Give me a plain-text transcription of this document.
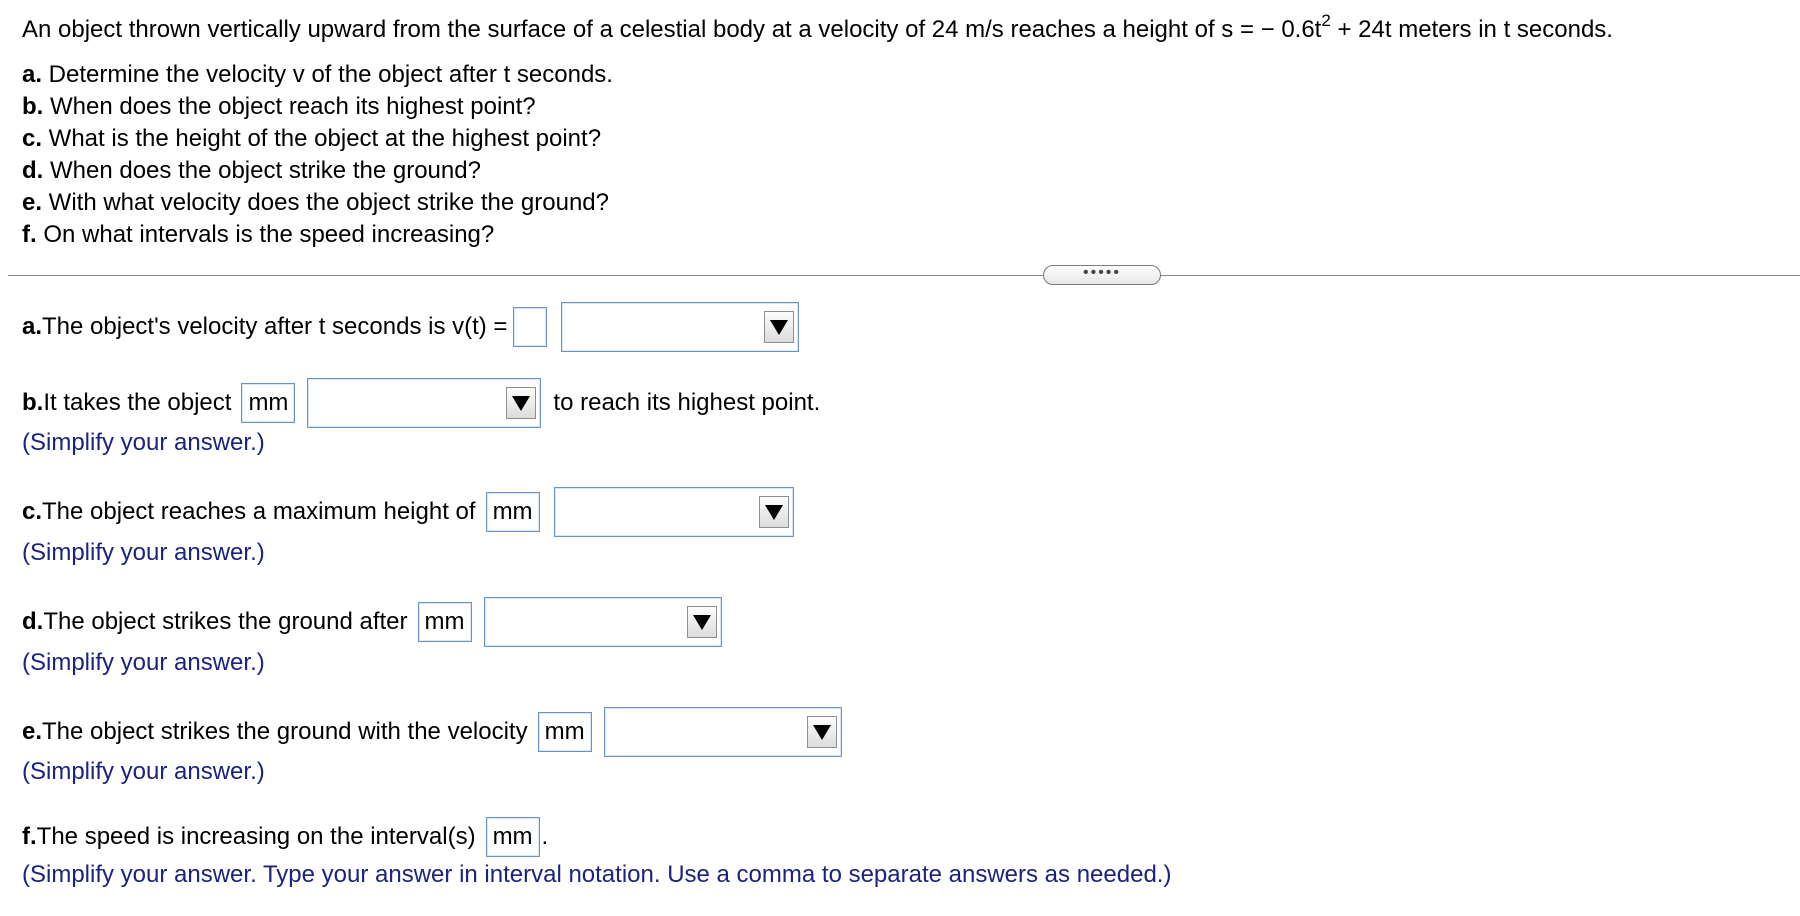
An object thrown vertically upward from the surface of a celestial body at a velocity of 24 m/s reaches a height of s = − $0.6t^2 + 24t$ meters in t seconds.
a. Determine the velocity v of the object after t seconds.
b. When does the object reach its highest point?
c. What is the height of the object at the highest point?
d. When does the object strike the ground?
e. With what velocity does the object strike the ground?
f. On what intervals is the speed increasing?
•••••
a. The object's velocity after t seconds is v(t) =
b. It takes the object mm	to reach its highest point.
(Simplify your answer.)
c. The object reaches a maximum height of mm
(Simplify your answer.)
d. The object strikes the ground after mm
(Simplify your answer.)
e. The object strikes the ground with the velocity mm
(Simplify your answer.)
f. The speed is increasing on the interval(s) mm .
(Simplify your answer. Type your answer in interval notation. Use a comma to separate answers as needed.)
